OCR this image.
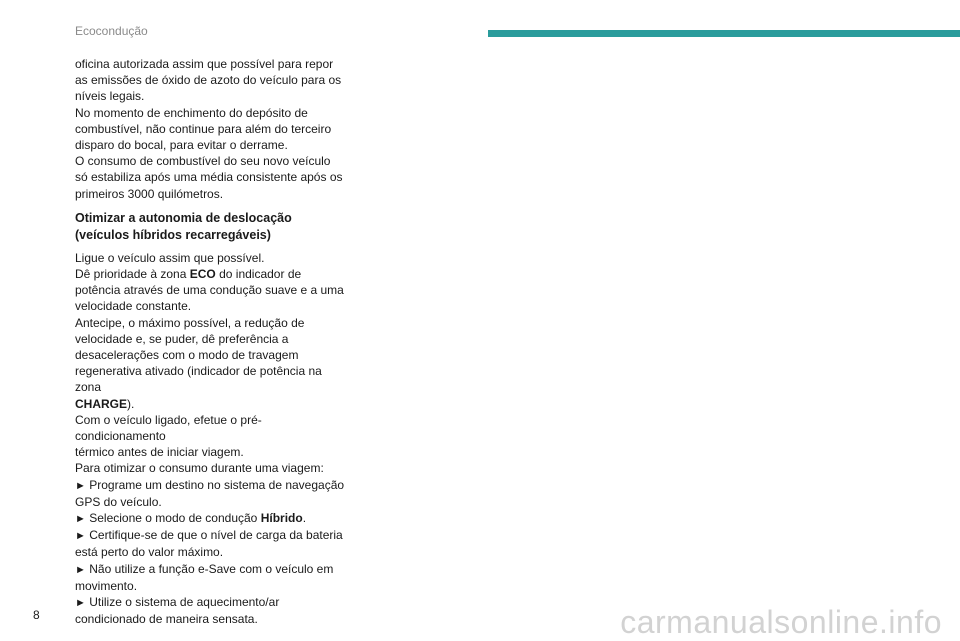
Ecocondução

oficina autorizada assim que possível para repor
as emissões de óxido de azoto do veículo para os
níveis legais.
No momento de enchimento do depósito de
combustível, não continue para além do terceiro
disparo do bocal, para evitar o derrame.
O consumo de combustível do seu novo veículo
só estabiliza após uma média consistente após os
primeiros 3000 quilómetros.

Otimizar a autonomia de deslocação
(veículos híbridos recarregáveis)

Ligue o veículo assim que possível.
Dê prioridade à zona ECO do indicador de
potência através de uma condução suave e a uma
velocidade constante.
Antecipe, o máximo possível, a redução de
velocidade e, se puder, dê preferência a
desacelerações com o modo de travagem
regenerativa ativado (indicador de potência na zona
CHARGE).
Com o veículo ligado, efetue o pré-condicionamento
térmico antes de iniciar viagem.
Para otimizar o consumo durante uma viagem:
► Programe um destino no sistema de navegação
GPS do veículo.
► Selecione o modo de condução Híbrido.
► Certifique-se de que o nível de carga da bateria
está perto do valor máximo.
► Não utilize a função e-Save com o veículo em
movimento.
► Utilize o sistema de aquecimento/ar
condicionado de maneira sensata.

8	carmanualsonline.info
